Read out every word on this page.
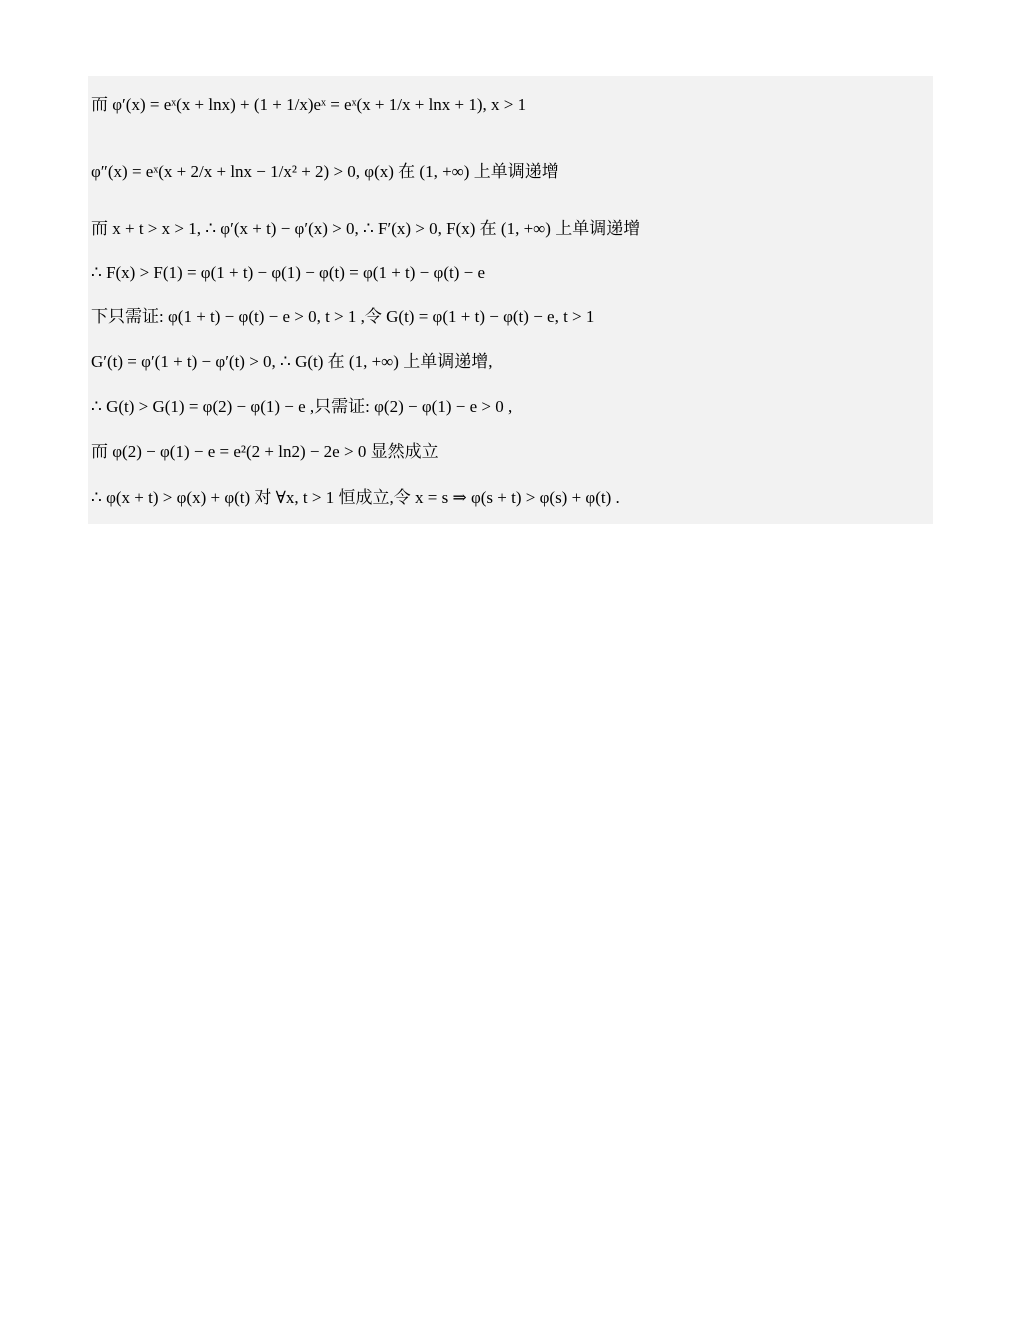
而 φ′(x) = eˣ(x + lnx) + (1 + 1/x)eˣ = eˣ(x + 1/x + lnx + 1), x > 1
φ″(x) = eˣ(x + 2/x + lnx − 1/x² + 2) > 0, φ(x) 在 (1, +∞) 上单调递增
而 x + t > x > 1, ∴ φ′(x + t) − φ′(x) > 0, ∴ F′(x) > 0, F(x) 在 (1, +∞) 上单调递增
∴ F(x) > F(1) = φ(1 + t) − φ(1) − φ(t) = φ(1 + t) − φ(t) − e
下只需证: φ(1 + t) − φ(t) − e > 0, t > 1 ,令 G(t) = φ(1 + t) − φ(t) − e, t > 1
G′(t) = φ′(1 + t) − φ′(t) > 0, ∴ G(t) 在 (1, +∞) 上单调递增,
∴ G(t) > G(1) = φ(2) − φ(1) − e ,只需证: φ(2) − φ(1) − e > 0 ,
而 φ(2) − φ(1) − e = e²(2 + ln2) − 2e > 0 显然成立
∴ φ(x + t) > φ(x) + φ(t) 对 ∀x, t > 1 恒成立,令 x = s ⇒ φ(s + t) > φ(s) + φ(t) .
